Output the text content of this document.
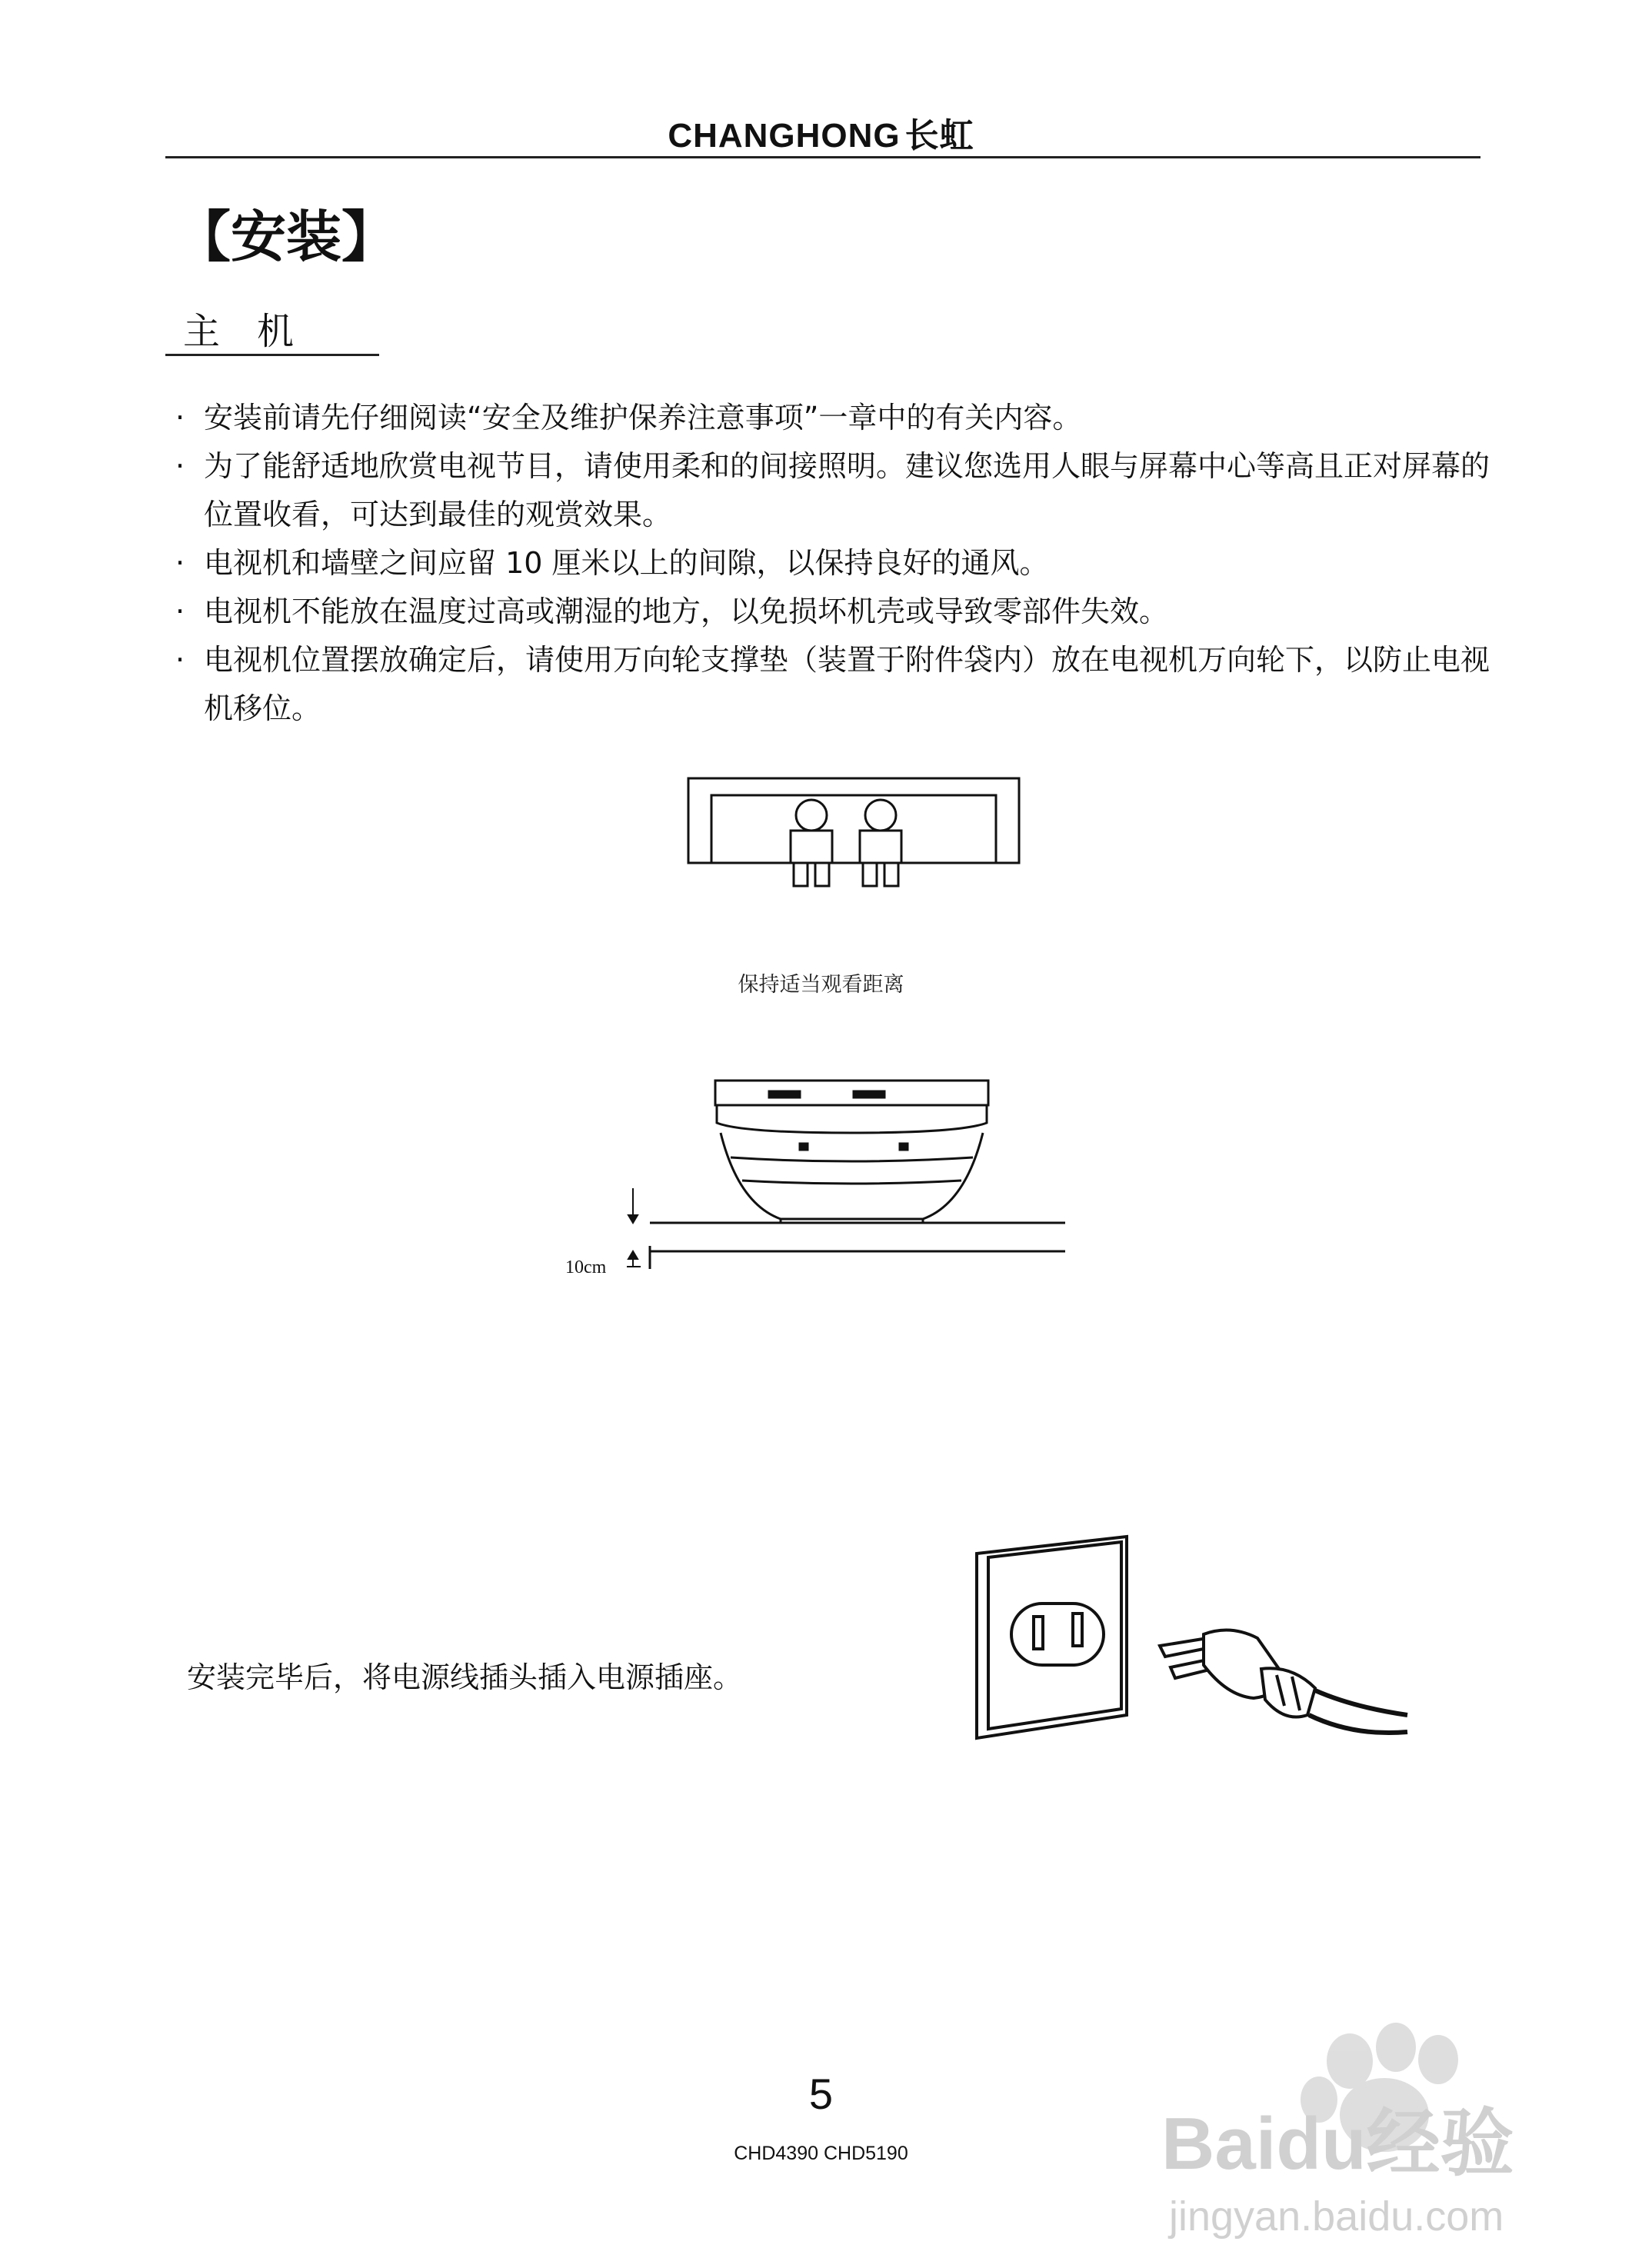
CHANGHONG 长虹
【安装】
主　机
· 安装前请先仔细阅读“安全及维护保养注意事项”一章中的有关内容。
· 为了能舒适地欣赏电视节目，请使用柔和的间接照明。建议您选用人眼与屏幕中心等高且正对屏幕的位置收看，可达到最佳的观赏效果。
· 电视机和墙壁之间应留 10 厘米以上的间隙，以保持良好的通风。
· 电视机不能放在温度过高或潮湿的地方，以免损坏机壳或导致零部件失效。
· 电视机位置摆放确定后，请使用万向轮支撑垫（装置于附件袋内）放在电视机万向轮下，以防止电视机移位。
保持适当观看距离
10cm
安装完毕后，将电源线插头插入电源插座。
5
CHD4390 CHD5190	Baidu经验
jingyan.baidu.com
